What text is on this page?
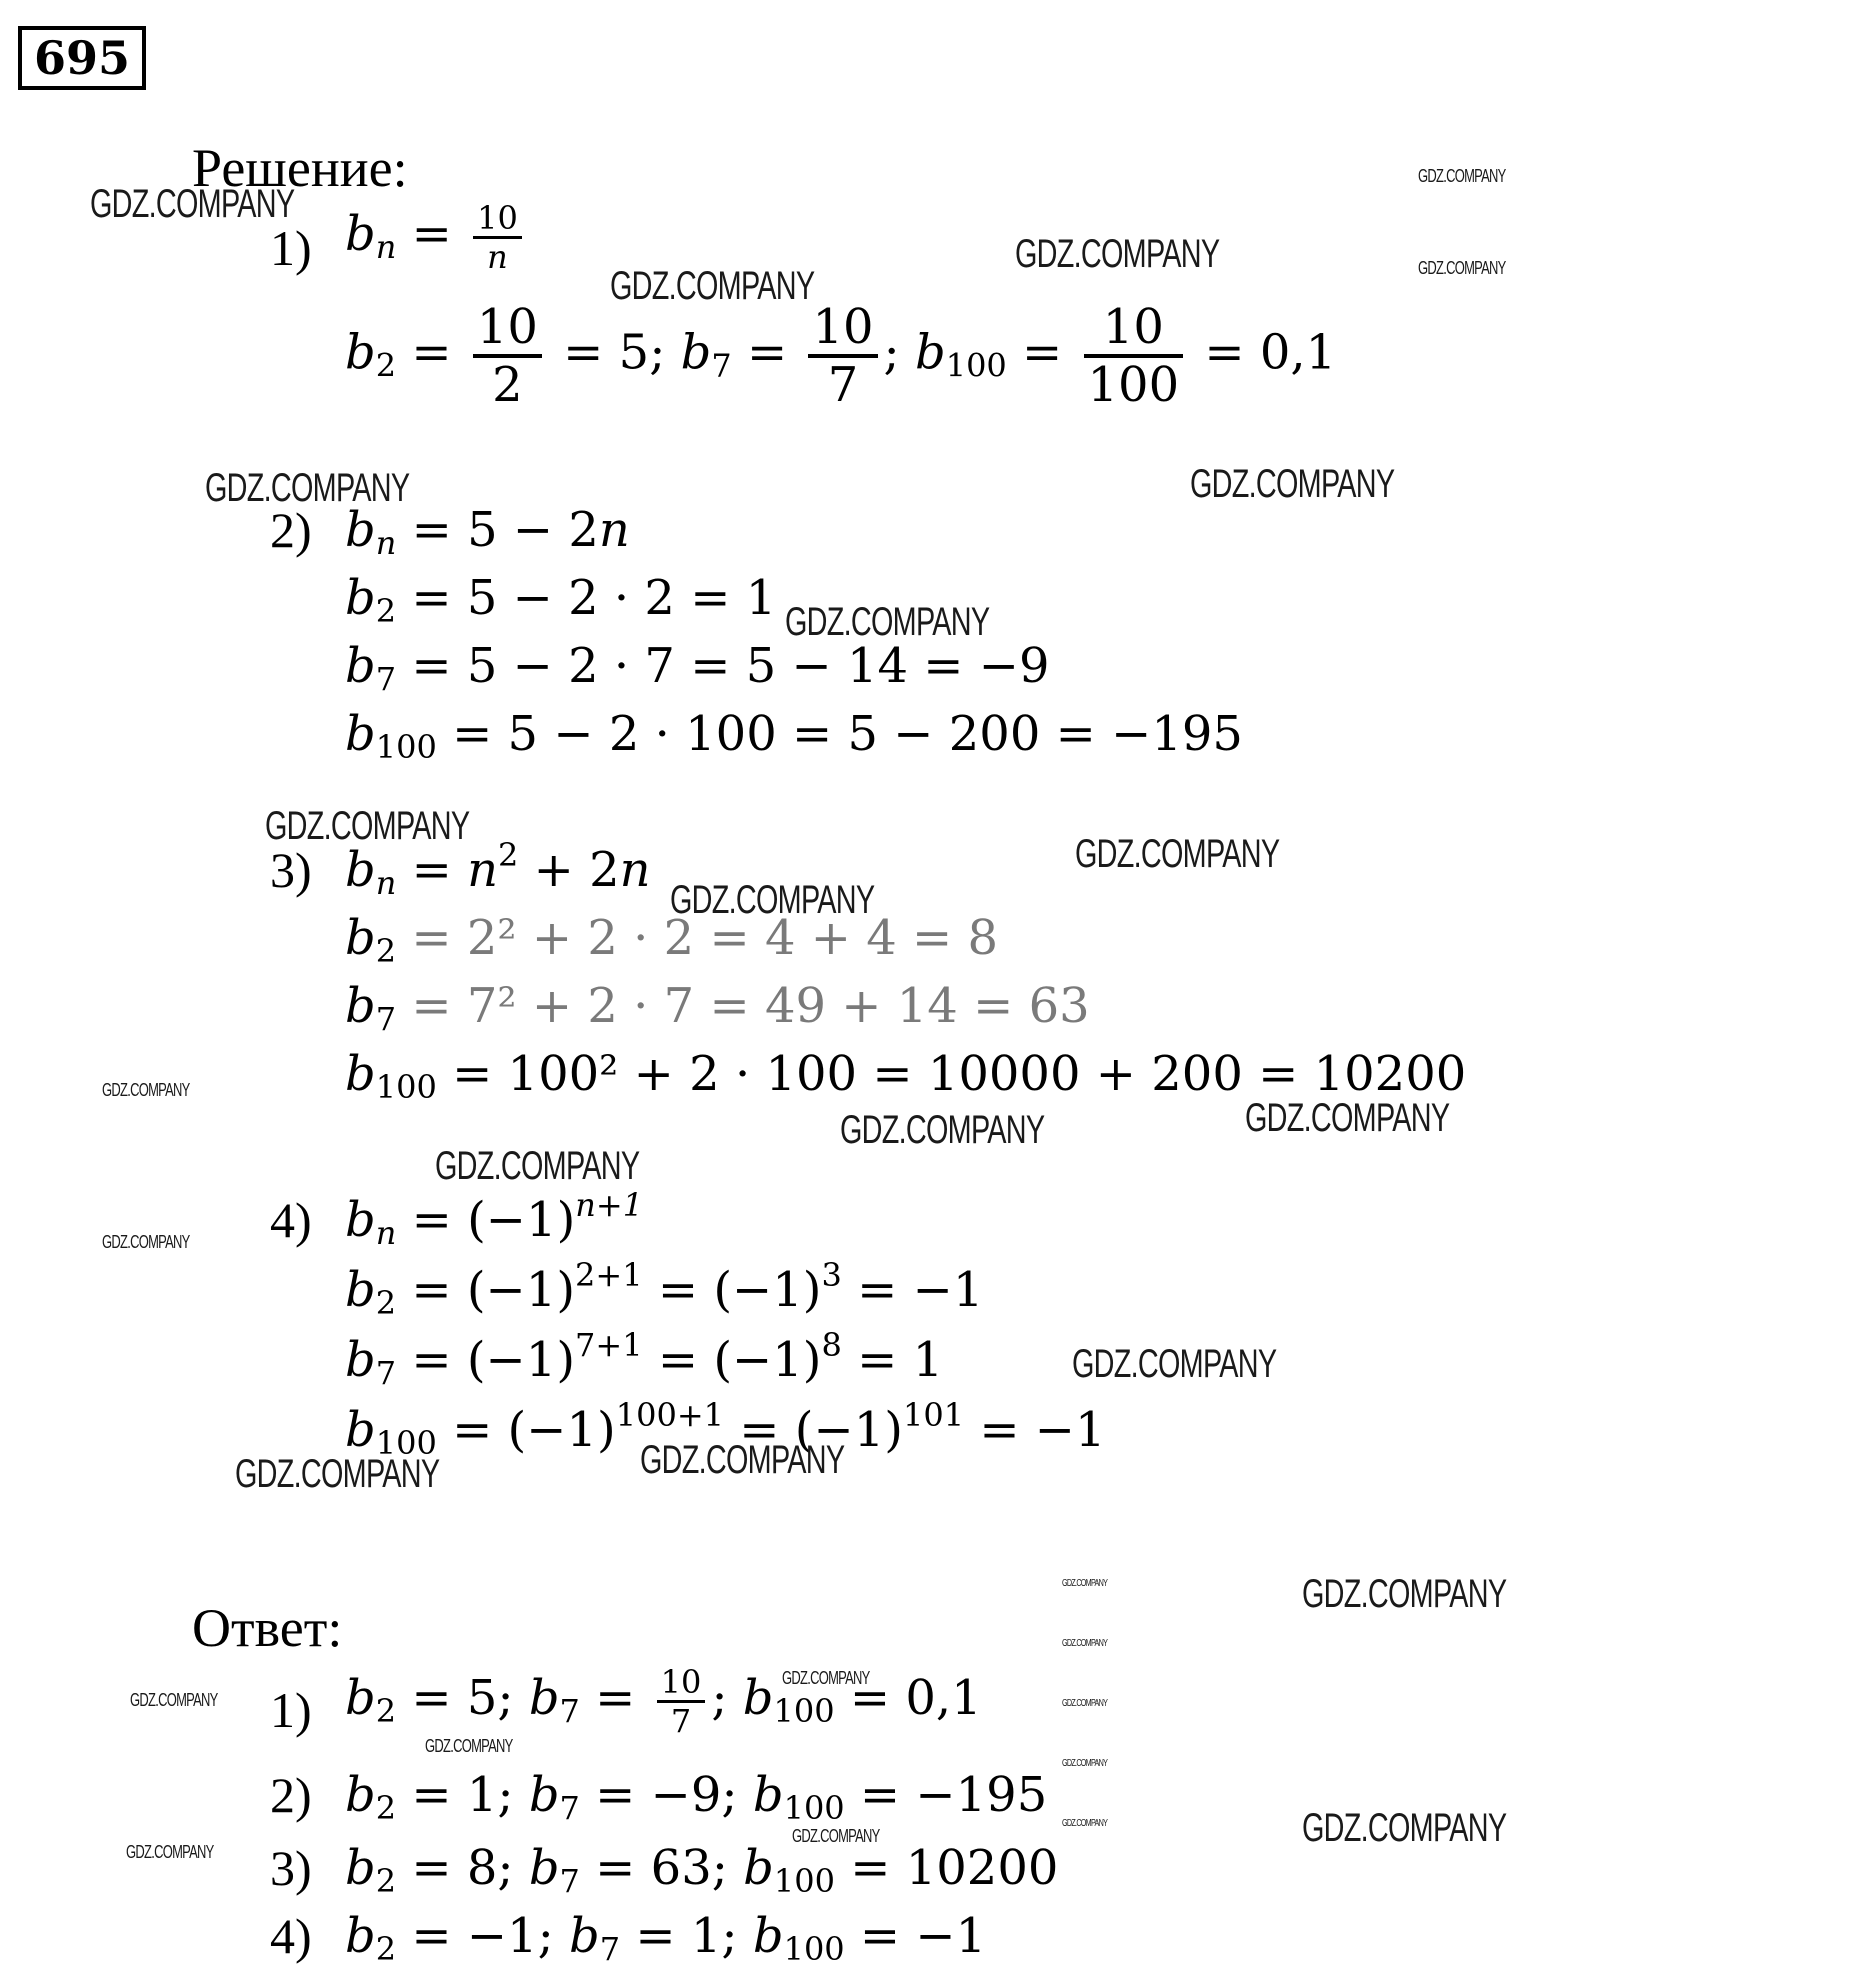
695
Решение:
1) $b_n = \frac{10}{n}$
$b_2 = \frac{10}{2} = 5$; $b_7 = \frac{10}{7}$ ; $b_{100} = \frac{10}{100} = 0,1$
2) $b_n = 5 - 2n$
$b_2 = 5 - 2 \cdot 2 = 1$
$b_7 = 5 - 2 \cdot 7 = 5 - 14 = -9$
$b_{100} = 5 - 2 \cdot 100 = 5 - 200 = -195$
3) $b_n = n^2 + 2n$
$b_2 = 2^2 + 2 \cdot 2 = 4 + 4 = 8$
$b_7 = 7^2 + 2 \cdot 7 = 49 + 14 = 63$
$b_{100} = 100^2 + 2 \cdot 100 = 10000 + 200 = 10200$
4) $b_n = (-1)^{n+1}$
$b_2 = (-1)^{2+1} = (-1)^3 = -1$
$b_7 = (-1)^{7+1} = (-1)^8 = 1$
$b_{100} = (-1)^{100+1} = (-1)^{101} = -1$
Ответ:
1) $b_2 = 5$; $b_7 = \frac{10}{7}$ ; $b_{100} = 0,1$
2) $b_2 = 1$; $b_7 = -9$; $b_{100} = -195$
3) $b_2 = 8$; $b_7 = 63$; $b_{100} = 10200$
4) $b_2 = -1$; $b_7 = 1$; $b_{100} = -1$
GDZ.COMPANY
GDZ.COMPANY
GDZ.COMPANY
GDZ.COMPANY
GDZ.COMPANY
GDZ.COMPANY	GDZ.COMPANY
GDZ.COMPANY
GDZ.COMPANY
GDZ.COMPANY
GDZ.COMPANY
GDZ.COMPANY
GDZ.COMPANY	GDZ.COMPANY
GDZ.COMPANY
GDZ.COMPANY
GDZ.COMPANY
GDZ.COMPANY	GDZ.COMPANY
GDZ.COMPANY
GDZ.COMPANY
GDZ.COMPANY
GDZ.COMPANY
GDZ.COMPANY
GDZ.COMPANY
GDZ.COMPANY
GDZ.COMPANY
GDZ.COMPANY
GDZ.COMPANY
GDZ.COMPANY
GDZ.COMPANY
